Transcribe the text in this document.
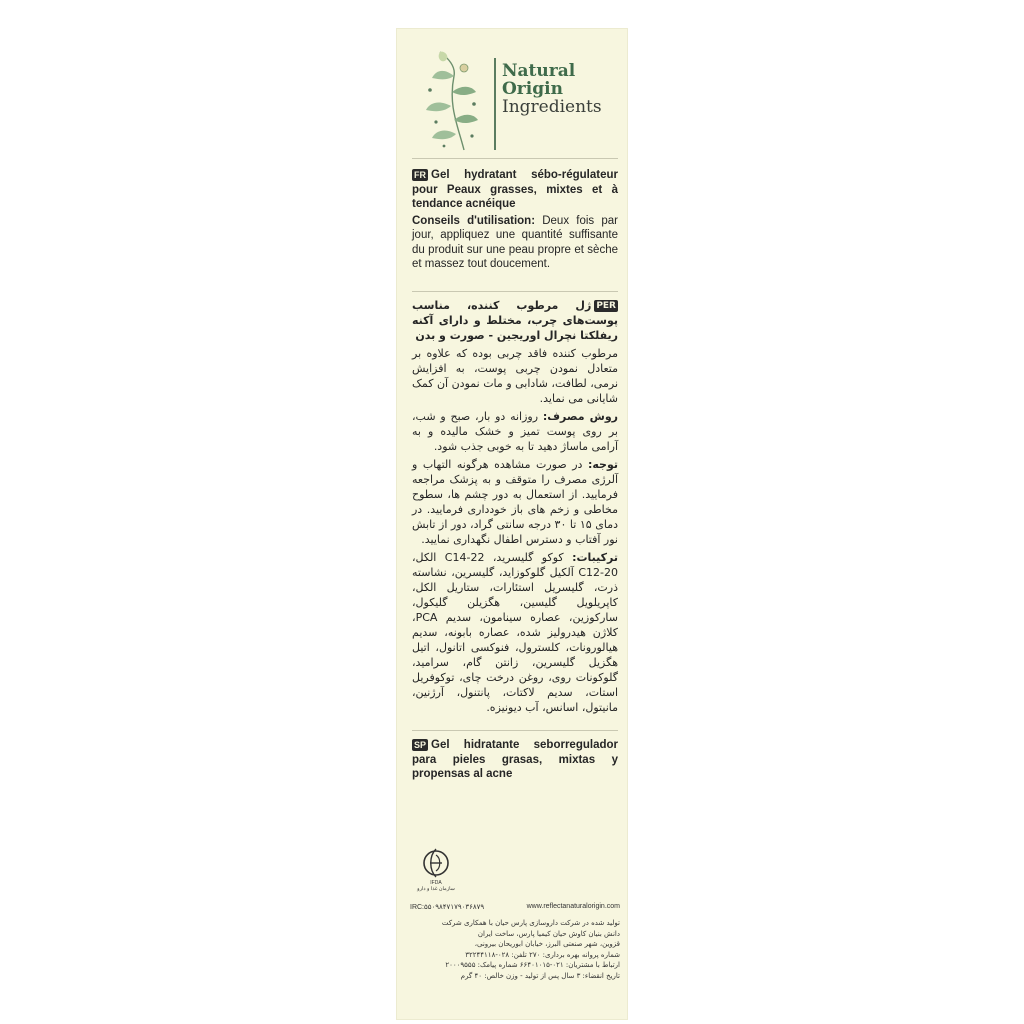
Natural
Origin
Ingredients
FR Gel hydratant sébo-régulateur pour Peaux grasses, mixtes et à tendance acnéique
Conseils d'utilisation: Deux fois par jour, appliquez une quantité suffisante du produit sur une peau propre et sèche et massez tout doucement.

PERژل مرطوب کننده، مناسب پوست‌های چرب، مختلط و دارای آکنه ریفلکتا نچرال اوریجین - صورت و بدن

مرطوب کننده فاقد چربی بوده که علاوه بر متعادل نمودن چربی پوست، به افزایش نرمی، لطافت، شادابی و مات نمودن آن کمک شایانی می نماید.

روش مصرف: روزانه دو بار، صبح و شب، بر روی پوست تمیز و خشک مالیده و به آرامی ماساژ دهید تا به خوبی جذب شود.

توجه: در صورت مشاهده هرگونه التهاب و آلرژی مصرف را متوقف و به پزشک مراجعه فرمایید. از استعمال به دور چشم ها، سطوح مخاطی و زخم های باز خودداری فرمایید. در دمای ۱۵ تا ۳۰ درجه سانتی گراد، دور از تابش نور آفتاب و دسترس اطفال نگهداری نمایید.

ترکیبات: کوکو گلیسرید، C14-22 الکل، C12-20 آلکیل گلوکوزاید، گلیسرین، نشاسته ذرت، گلیسریل استئارات، ستاریل الکل، کاپریلویل گلیسین، هگزیلن گلیکول، سارکوزین، عصاره سینامون، سدیم PCA، کلاژن هیدرولیز شده، عصاره بابونه، سدیم هیالورونات، کلسترول، فنوکسی اتانول، اتیل هگزیل گلیسرین، زانتن گام، سرامید، گلوکونات روی، روغن درخت چای، توکوفریل استات، سدیم لاکتات، پانتنول، آرژنین، مانیتول، اسانس، آب دیونیزه.

SP Gel hidratante seborregulador para pieles grasas, mixtas y propensas al acne
IFDA
سازمان غذا و دارو
IRC:۵۵۰۹۸۴۷۱۷۹۰۳۶۸۷۹	www.reflectanaturalorigin.com
تولید شده در شرکت داروسازی پارس حیان با همکاری شرکت
دانش بنیان کاوش حیان کیمیا پارس، ساخت ایران
قزوین، شهر صنعتی البرز، خیابان ابوریحان بیرونی،
شماره پروانه بهره برداری: ۲۷۰ تلفن: ۰۲۸-۳۲۲۴۴۱۱۸
ارتباط با مشتریان: ۰۲۱-۶۶۴۰۱۰۱۵ شماره پیامک: ۲۰۰۰۹۵۵۵
تاریخ انقضاء: ۳ سال پس از تولید - وزن خالص: ۴۰ گرم
